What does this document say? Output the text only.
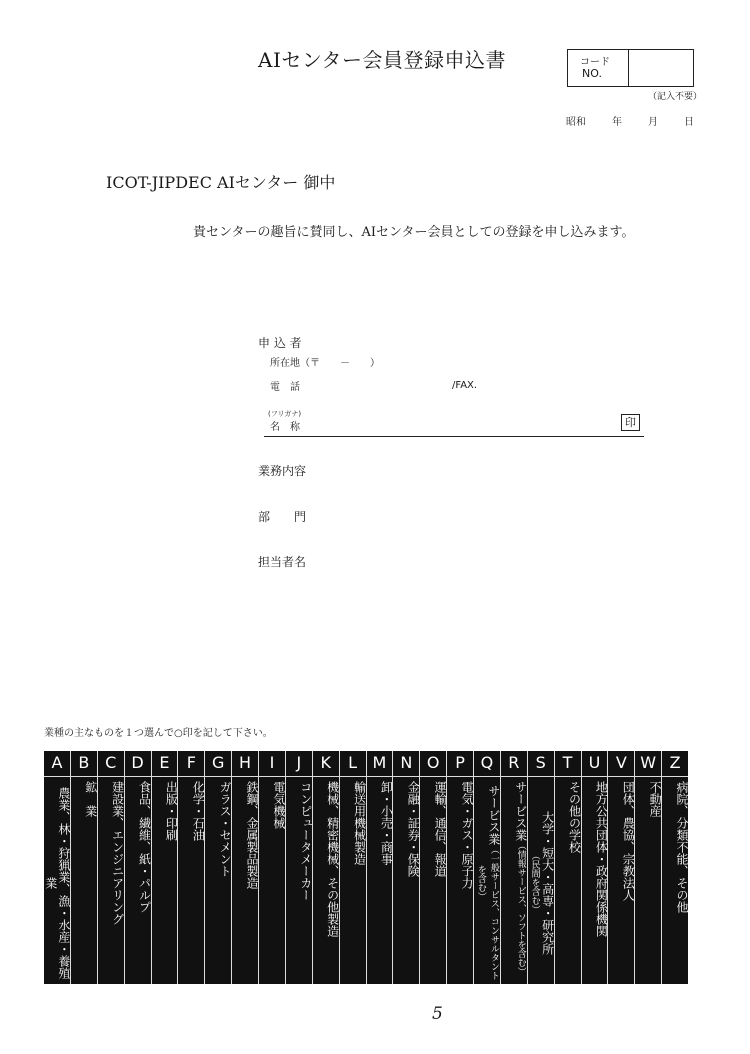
AIセンター会員登録申込書	コード
NO.
（記入不要）
昭和	年	月	日
ICOT-JIPDEC AIセンター 御中
貴センターの趣旨に賛同し、AIセンター会員としての登録を申し込みます。
申 込 者
所在地（〒　　－　　）
電　話	/FAX.
(フリガナ)
名　称	印
業務内容
部　　門
担当者名
業種の主なものを１つ選んで○印を記して下さい。
A
農業、林・狩猟業、漁・水産・養殖業
B
鉱　業
C
建設業、エンジニアリング
D
食品、繊維、紙・パルプ
E
出版・印刷
F
化学・石油
G
ガラス・セメント
H
鉄鋼、金属製品製造
I
電気機械
J
コンピュータメーカー
K
機械、精密機械、その他製造
L
輸送用機械製造
M
卸・小売・商事
N
金融・証券・保険
O
運輸、通信、報道
P
電気・ガス・原子力
Q
サービス業（一般サービス、コンサルタントを含む）
R
サービス業（情報サービス、ソフトを含む）
S
大学・短大・高専・研究所（民間を含む）
T
その他の学校
U
地方公共団体・政府関係機関
V
団体、農協、宗教法人
W
不動産
Z
病院、分類不能、その他
5
